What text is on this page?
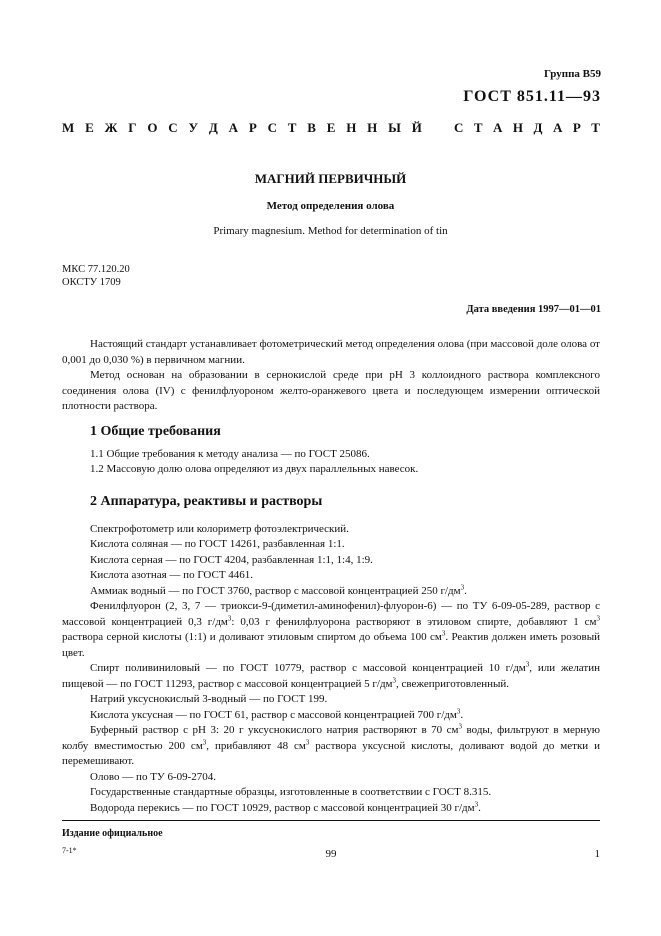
Группа В59
ГОСТ 851.11—93
М Е Ж Г О С У Д А Р С Т В Е Н Н Ы Й С Т А Н Д А Р Т
МАГНИЙ ПЕРВИЧНЫЙ
Метод определения олова
Primary magnesium. Method for determination of tin
МКС 77.120.20
ОКСТУ 1709
Дата введения 1997—01—01

Настоящий стандарт устанавливает фотометрический метод определения олова (при массовой доле олова от 0,001 до 0,030 %) в первичном магнии.

Метод основан на образовании в сернокислой среде при pH 3 коллоидного раствора комплексного соединения олова (IV) с фенилфлуороном желто-оранжевого цвета и последующем измерении оптической плотности раствора.

1 Общие требования

1.1 Общие требования к методу анализа — по ГОСТ 25086.

1.2 Массовую долю олова определяют из двух параллельных навесок.

2 Аппаратура, реактивы и растворы

Спектрофотометр или колориметр фотоэлектрический.

Кислота соляная — по ГОСТ 14261, разбавленная 1:1.

Кислота серная — по ГОСТ 4204, разбавленная 1:1, 1:4, 1:9.

Кислота азотная — по ГОСТ 4461.

Аммиак водный — по ГОСТ 3760, раствор с массовой концентрацией 250 $г/дм^3$.

Фенилфлуорон (2, 3, 7 — триокси-9-(диметил-аминофенил)-флуорон-6) — по ТУ 6-09-05-289, раствор с массовой концентрацией 0,3 $г/дм^3$: 0,03 г фенилфлуорона растворяют в этиловом спирте, добавляют 1 $см^3$ раствора серной кислоты (1:1) и доливают этиловым спиртом до объема 100 $см^3$. Реактив должен иметь розовый цвет.

Спирт поливиниловый — по ГОСТ 10779, раствор с массовой концентрацией 10 $г/дм^3$, или желатин пищевой — по ГОСТ 11293, раствор с массовой концентрацией 5 $г/дм^3$, свежеприготовленный.

Натрий уксуснокислый 3-водный — по ГОСТ 199.

Кислота уксусная — по ГОСТ 61, раствор с массовой концентрацией 700 $г/дм^3$.

Буферный раствор с pH 3: 20 г уксуснокислого натрия растворяют в 70 $см^3$ воды, фильтруют в мерную колбу вместимостью 200 $см^3$, прибавляют 48 $см^3$ раствора уксусной кислоты, доливают водой до метки и перемешивают.

Олово — по ТУ 6-09-2704.

Государственные стандартные образцы, изготовленные в соответствии с ГОСТ 8.315.

Водорода перекись — по ГОСТ 10929, раствор с массовой концентрацией 30 $г/дм^3$.

Издание официальное
7-1*	99	1
